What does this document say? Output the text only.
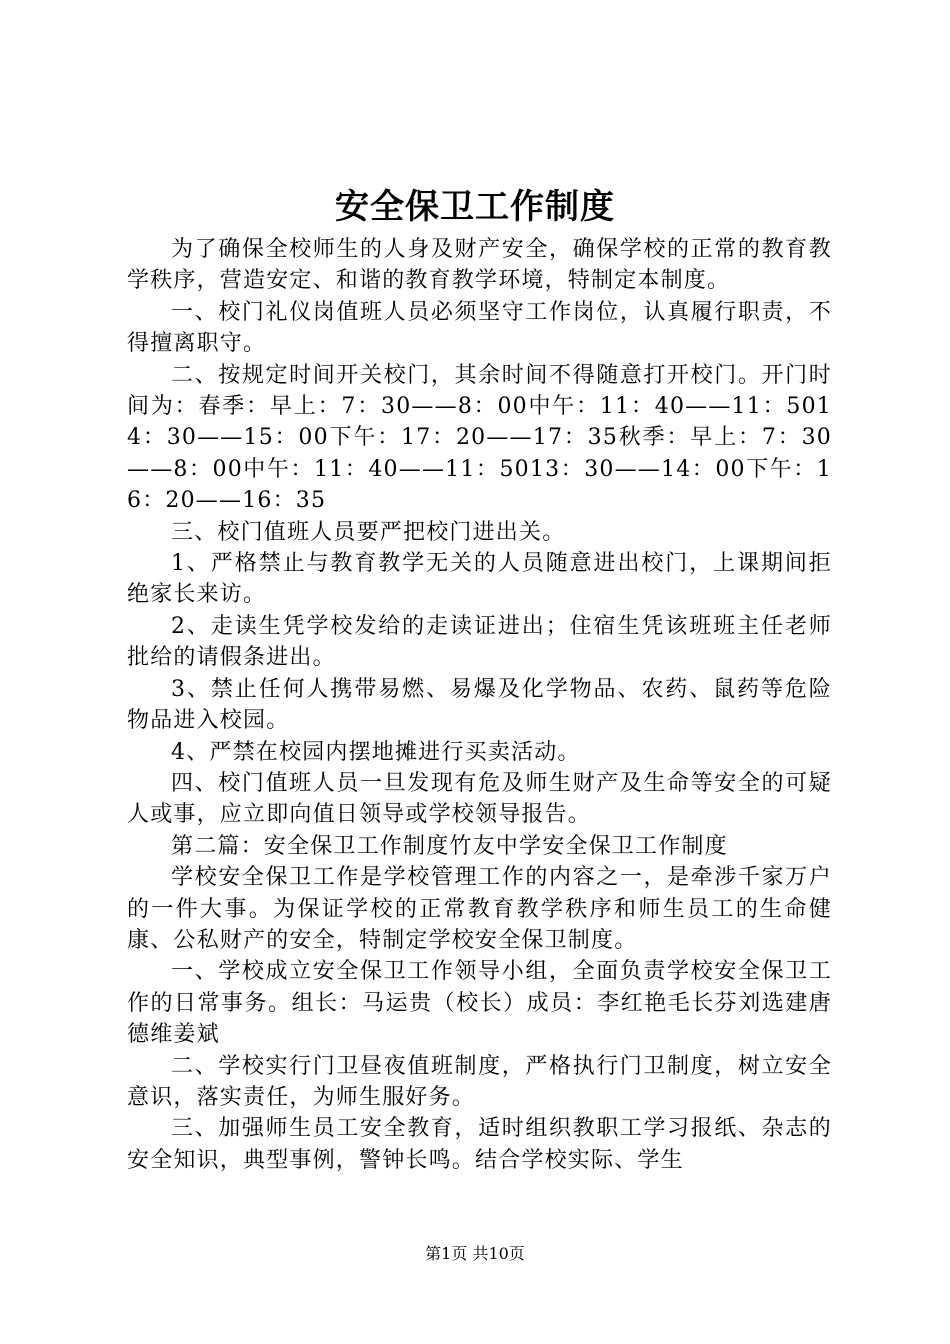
安全保卫工作制度

为了确保全校师生的人身及财产安全，确保学校的正常的教育教学秩序，营造安定、和谐的教育教学环境，特制定本制度。

一、校门礼仪岗值班人员必须坚守工作岗位，认真履行职责，不得擅离职守。

二、按规定时间开关校门，其余时间不得随意打开校门。开门时间为：春季：早上：7：30——8：00中午：11：40——11：5014：30——15：00下午：17：20——17：35秋季：早上：7：30——8：00中午：11：40——11：5013：30——14：00下午：16：20——16：35

三、校门值班人员要严把校门进出关。

1、严格禁止与教育教学无关的人员随意进出校门，上课期间拒绝家长来访。

2、走读生凭学校发给的走读证进出；住宿生凭该班班主任老师批给的请假条进出。

3、禁止任何人携带易燃、易爆及化学物品、农药、鼠药等危险物品进入校园。

4、严禁在校园内摆地摊进行买卖活动。

四、校门值班人员一旦发现有危及师生财产及生命等安全的可疑人或事，应立即向值日领导或学校领导报告。

第二篇：安全保卫工作制度竹友中学安全保卫工作制度

学校安全保卫工作是学校管理工作的内容之一，是牵涉千家万户的一件大事。为保证学校的正常教育教学秩序和师生员工的生命健康、公私财产的安全，特制定学校安全保卫制度。

一、学校成立安全保卫工作领导小组，全面负责学校安全保卫工作的日常事务。组长：马运贵（校长）成员：李红艳毛长芬刘选建唐德维姜斌

二、学校实行门卫昼夜值班制度，严格执行门卫制度，树立安全意识，落实责任，为师生服好务。

三、加强师生员工安全教育，适时组织教职工学习报纸、杂志的安全知识，典型事例，警钟长鸣。结合学校实际、学生

第1页 共10页
